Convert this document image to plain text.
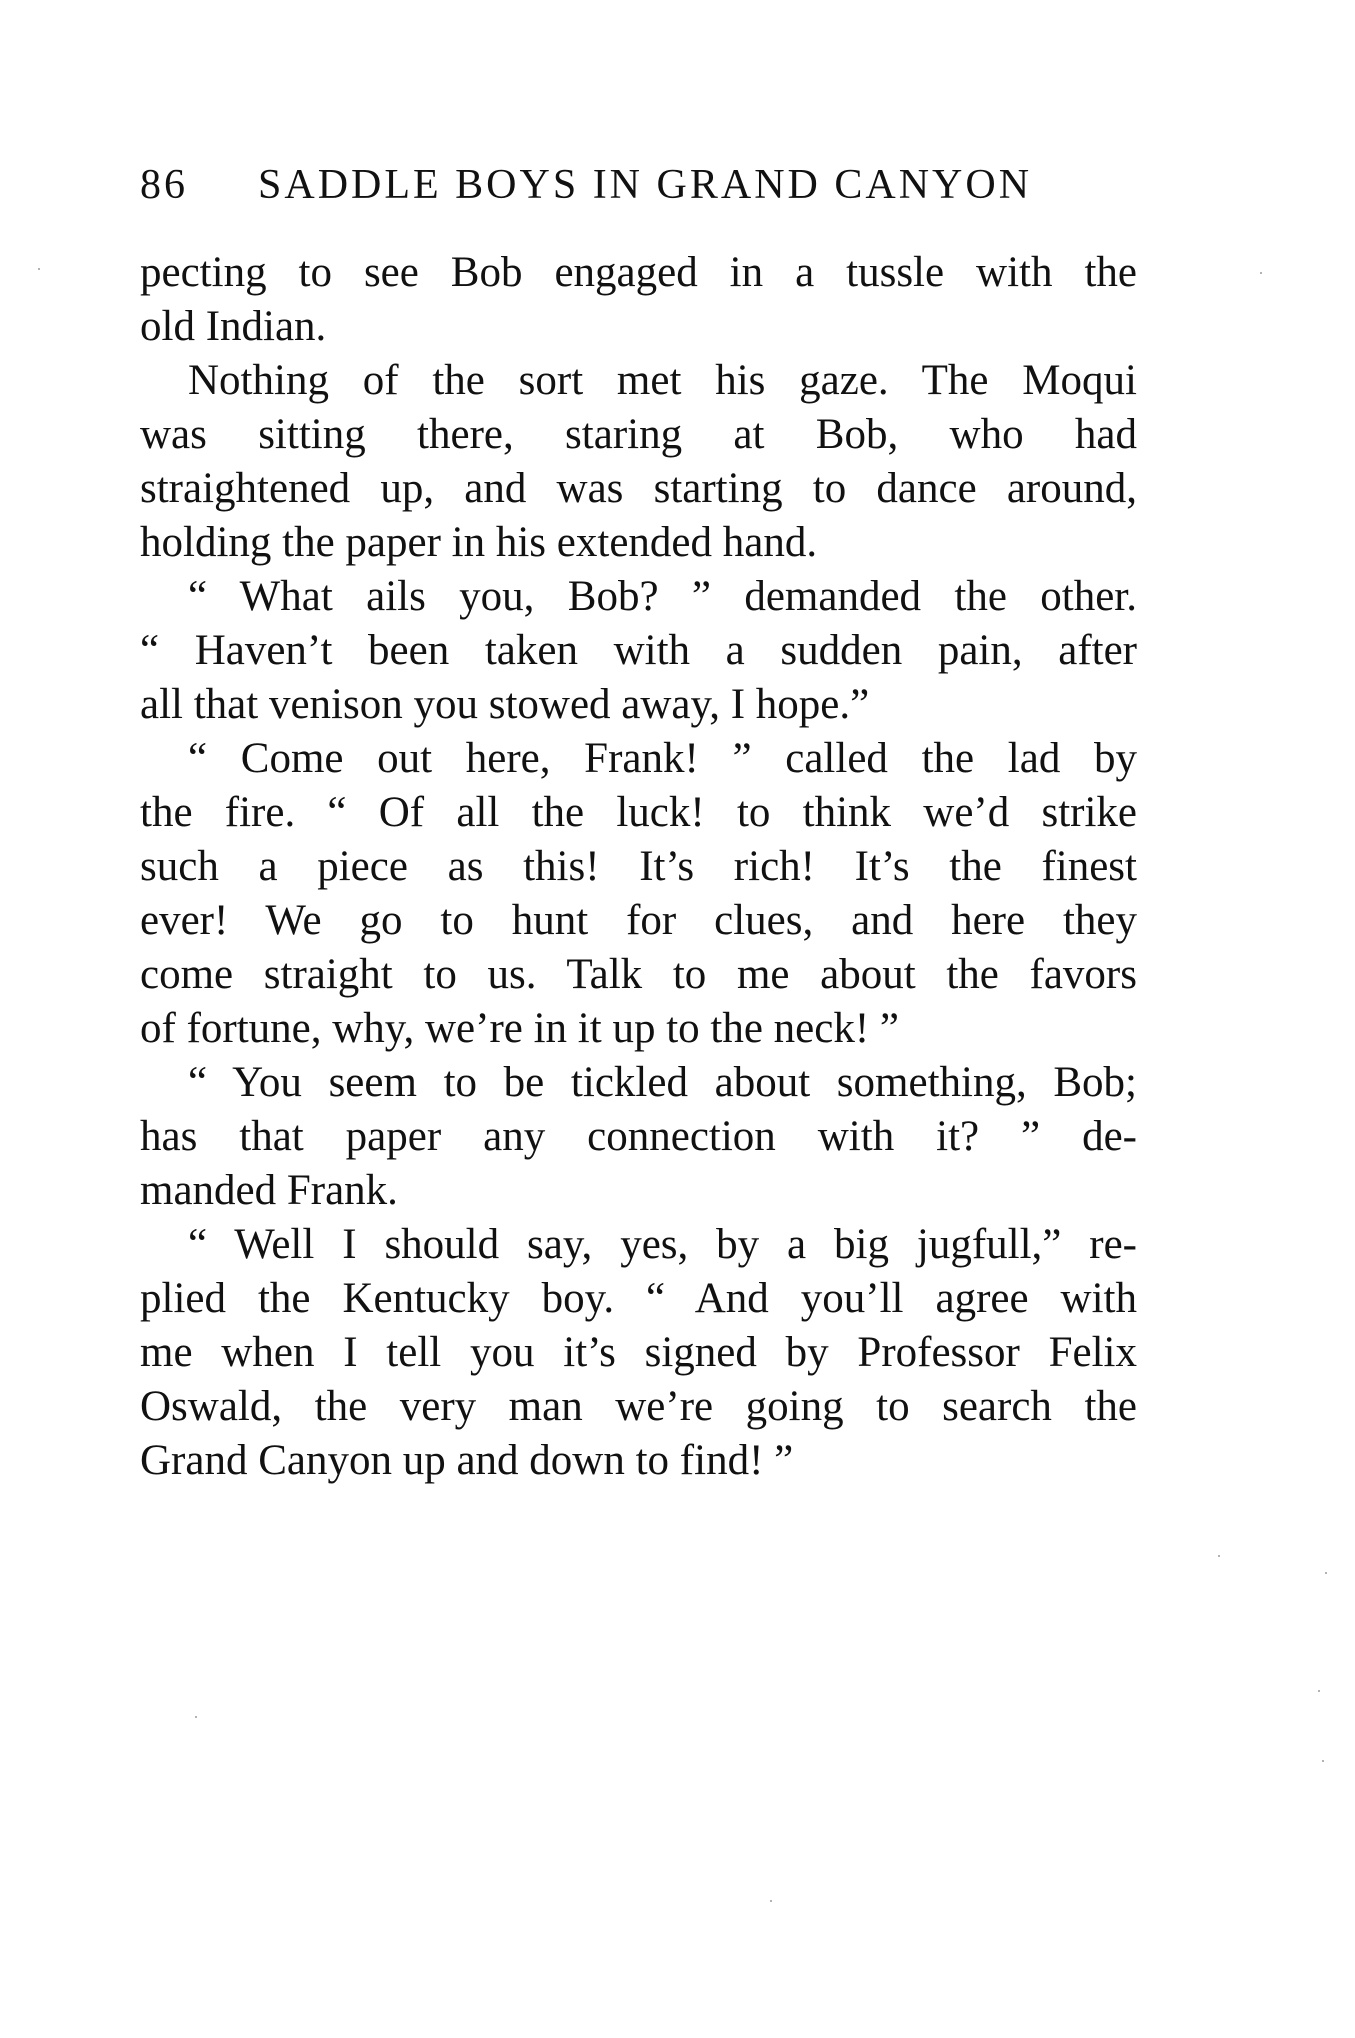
86 SADDLE BOYS IN GRAND CANYON
pecting to see Bob engaged in a tussle with the
old Indian.
Nothing of the sort met his gaze. The Moqui
was sitting there, staring at Bob, who had
straightened up, and was starting to dance around,
holding the paper in his extended hand.
“ What ails you, Bob? ” demanded the other.
“ Haven’t been taken with a sudden pain, after
all that venison you stowed away, I hope.”
“ Come out here, Frank! ” called the lad by
the fire. “ Of all the luck! to think we’d strike
such a piece as this! It’s rich! It’s the finest
ever! We go to hunt for clues, and here they
come straight to us. Talk to me about the favors
of fortune, why, we’re in it up to the neck! ”
“ You seem to be tickled about something, Bob;
has that paper any connection with it? ” de-
manded Frank.
“ Well I should say, yes, by a big jugfull,” re-
plied the Kentucky boy. “ And you’ll agree with
me when I tell you it’s signed by Professor Felix
Oswald, the very man we’re going to search the
Grand Canyon up and down to find! ”
